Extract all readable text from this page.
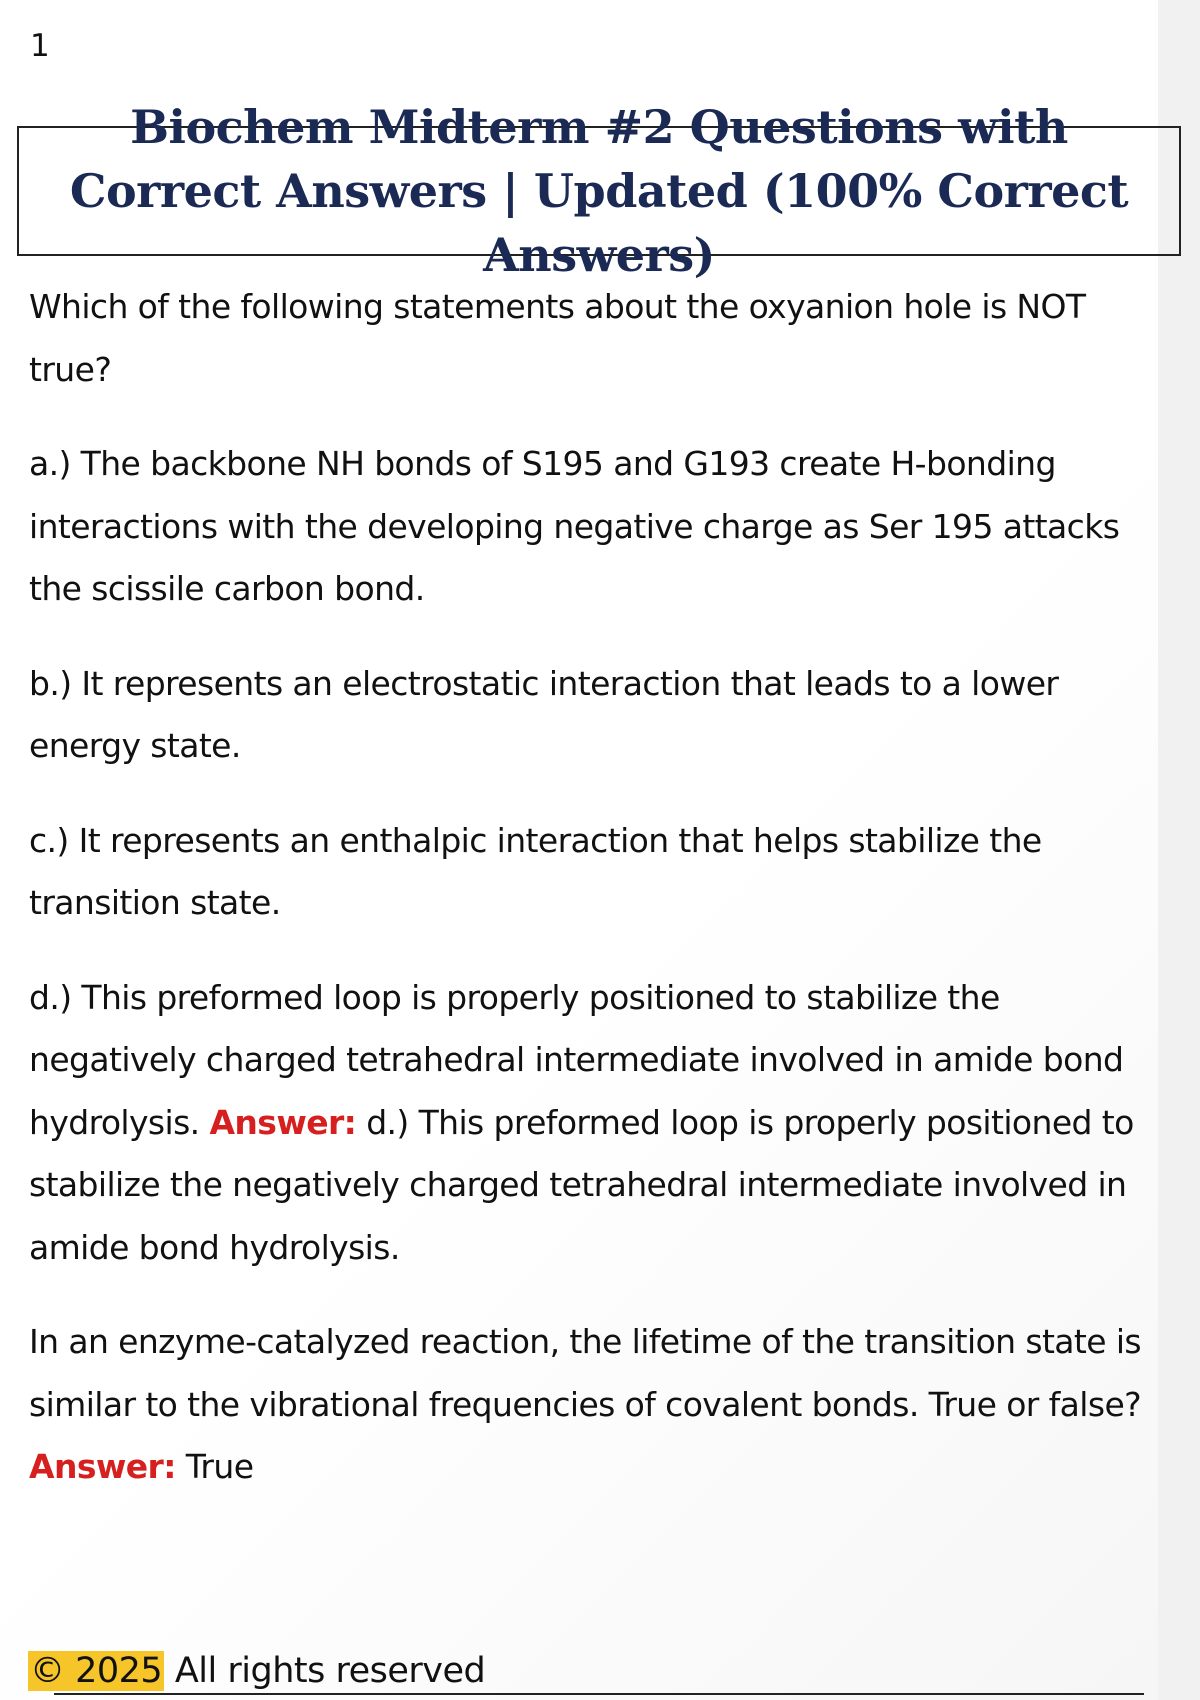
1
Biochem Midterm #2 Questions with Correct Answers | Updated (100% Correct Answers)

Which of the following statements about the oxyanion hole is NOT true?

a.) The backbone NH bonds of S195 and G193 create H-bonding interactions with the developing negative charge as Ser 195 attacks the scissile carbon bond.

b.) It represents an electrostatic interaction that leads to a lower energy state.

c.) It represents an enthalpic interaction that helps stabilize the transition state.

d.) This preformed loop is properly positioned to stabilize the negatively charged tetrahedral intermediate involved in amide bond hydrolysis. Answer: d.) This preformed loop is properly positioned to stabilize the negatively charged tetrahedral intermediate involved in amide bond hydrolysis.

In an enzyme-catalyzed reaction, the lifetime of the transition state is similar to the vibrational frequencies of covalent bonds. True or false? Answer: True

© 2025 All rights reserved
